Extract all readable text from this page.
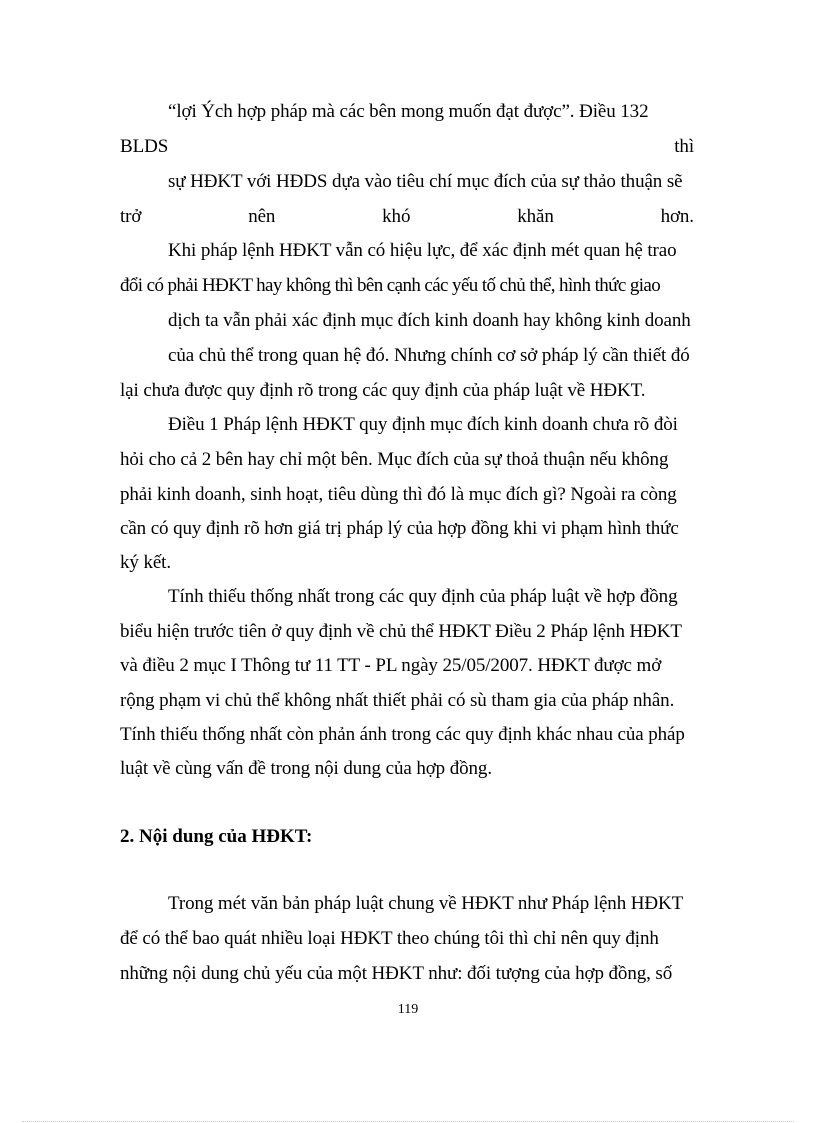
“lợi Ých hợp pháp mà các bên mong muốn đạt được”. Điều 132
BLDS	thì
sự HĐKT với HĐDS dựa vào tiêu chí mục đích của sự thảo thuận sẽ
trở	nên	khó	khăn	hơn.
Khi pháp lệnh HĐKT vẫn có hiệu lực, để xác định mét quan hệ trao
đổi có phải HĐKT hay không thì bên cạnh các yếu tố chủ thể, hình thức giao
dịch ta vẫn phải xác định mục đích kinh doanh hay không kinh doanh
của chủ thể trong quan hệ đó. Nhưng chính cơ sở pháp lý cần thiết đó
lại chưa được quy định rõ trong các quy định của pháp luật về HĐKT.
Điều 1 Pháp lệnh HĐKT quy định mục đích kinh doanh chưa rõ đòi
hỏi cho cả 2 bên hay chỉ một bên. Mục đích của sự thoả thuận nếu không
phải kinh doanh, sinh hoạt, tiêu dùng thì đó là mục đích gì? Ngoài ra còng
cần có quy định rõ hơn giá trị pháp lý của hợp đồng khi vi phạm hình thức
ký kết.
Tính thiếu thống nhất trong các quy định của pháp luật về hợp đồng
biểu hiện trước tiên ở quy định về chủ thể HĐKT Điều 2 Pháp lệnh HĐKT
và điều 2 mục I Thông tư 11 TT - PL ngày 25/05/2007. HĐKT được mở
rộng phạm vi chủ thể không nhất thiết phải có sù tham gia của pháp nhân.
Tính thiếu thống nhất còn phản ánh trong các quy định khác nhau của pháp
luật về cùng vấn đề trong nội dung của hợp đồng.
2. Nội dung của HĐKT:
Trong mét văn bản pháp luật chung về HĐKT như Pháp lệnh HĐKT
để có thể bao quát nhiều loại HĐKT theo chúng tôi thì chỉ nên quy định
những nội dung chủ yếu của một HĐKT như: đối tượng của hợp đồng, số
119
